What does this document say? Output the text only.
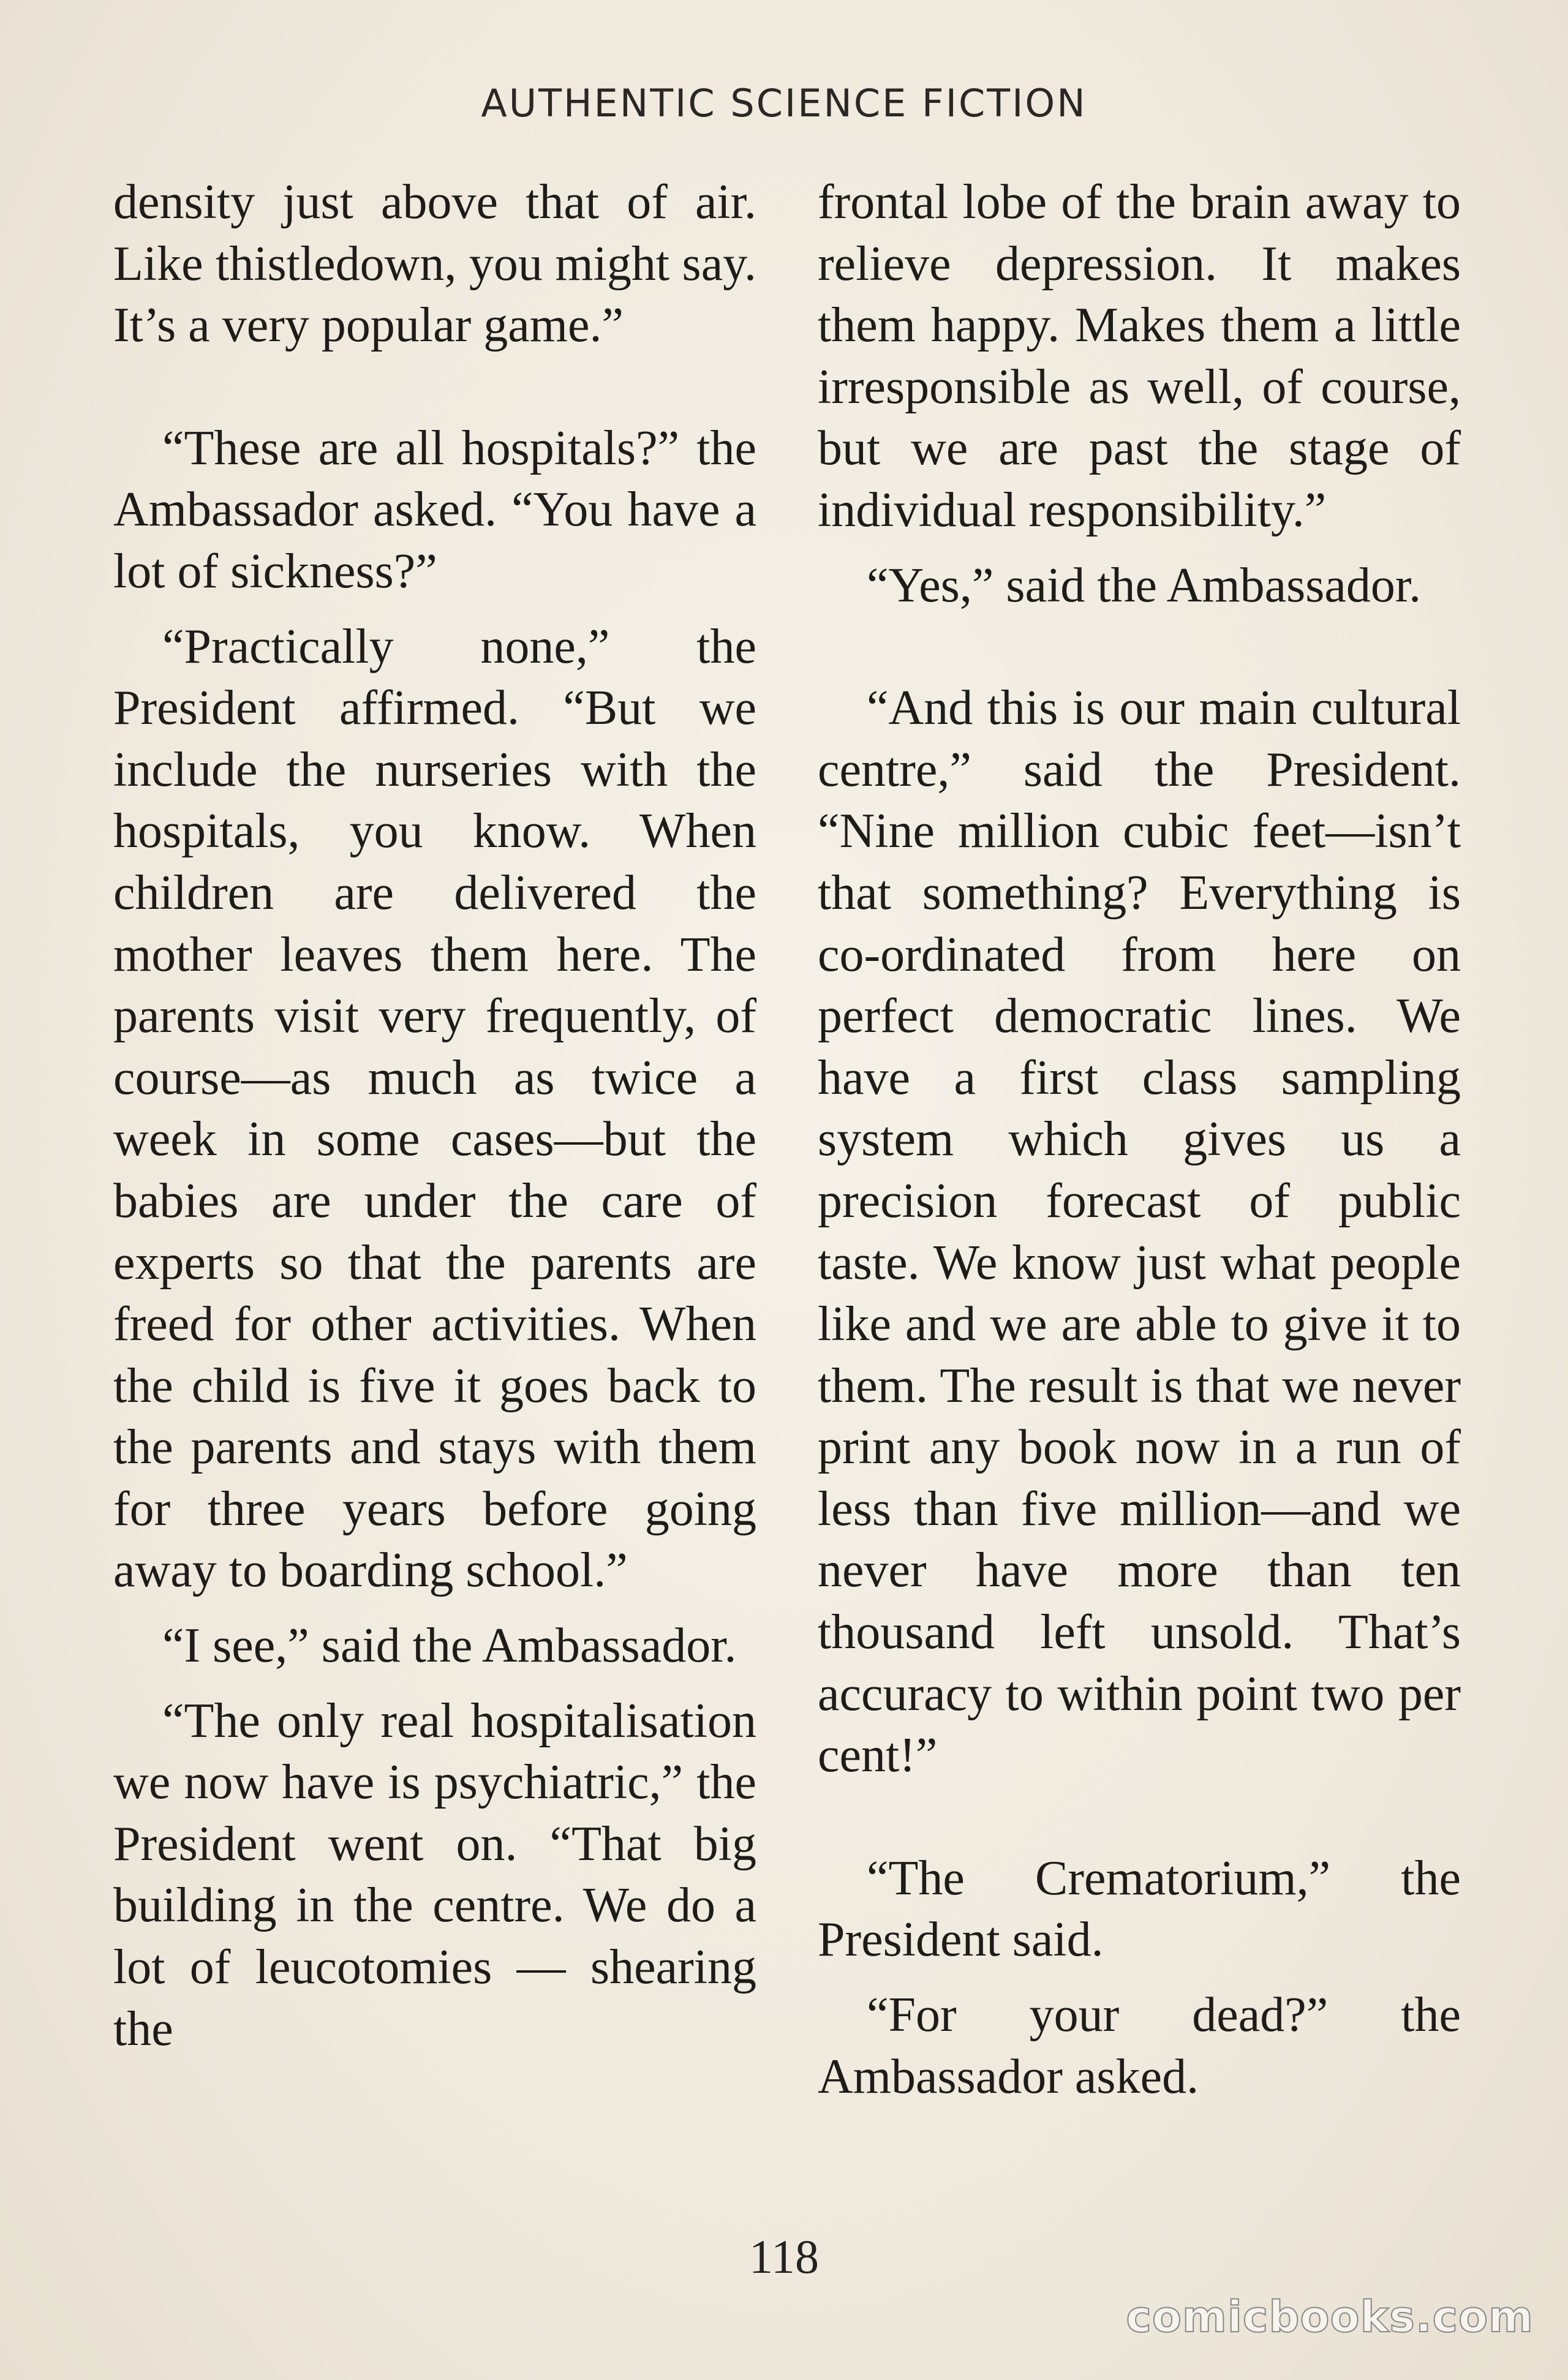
AUTHENTIC SCIENCE FICTION

density just above that of air. Like thistledown, you might say. It’s a very popular game.”

“These are all hospitals?” the Ambassador asked. “You have a lot of sickness?”

“Practically none,” the President affirmed. “But we include the nurseries with the hospitals, you know. When children are delivered the mother leaves them here. The parents visit very frequently, of course—as much as twice a week in some cases—but the babies are under the care of experts so that the parents are freed for other activities. When the child is five it goes back to the parents and stays with them for three years before going away to boarding school.”

“I see,” said the Ambassador.

“The only real hospitalisation we now have is psychiatric,” the President went on. “That big building in the centre. We do a lot of leucotomies — shearing the

frontal lobe of the brain away to relieve depression. It makes them happy. Makes them a little irresponsible as well, of course, but we are past the stage of individual responsibility.”

“Yes,” said the Ambassador.

“And this is our main cultural centre,” said the President. “Nine million cubic feet—isn’t that something? Everything is co-ordinated from here on perfect democratic lines. We have a first class sampling system which gives us a precision forecast of public taste. We know just what people like and we are able to give it to them. The result is that we never print any book now in a run of less than five million—and we never have more than ten thousand left unsold. That’s accuracy to within point two per cent!”

“The Crematorium,” the President said.

“For your dead?” the Ambassador asked.

118
comicbooks.com
